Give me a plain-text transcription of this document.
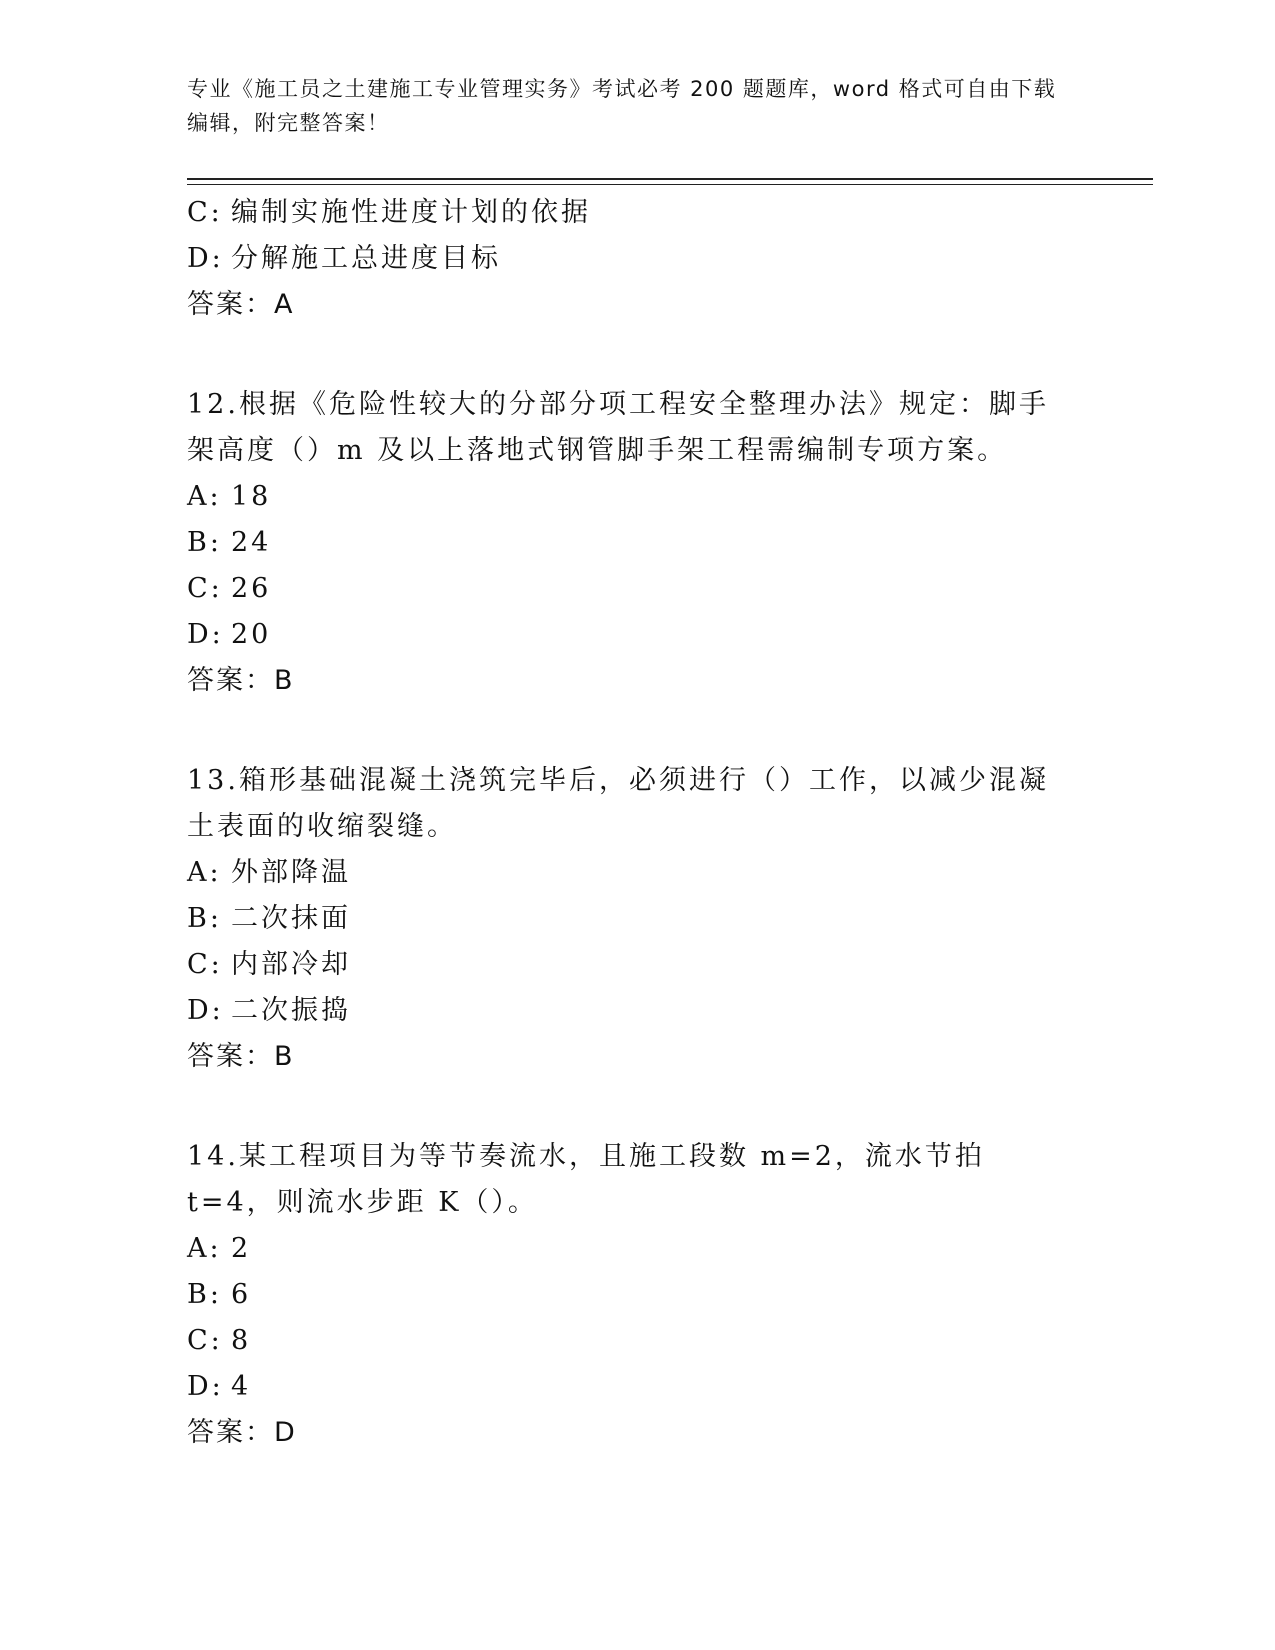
专业《施工员之土建施工专业管理实务》考试必考 200 题题库，word 格式可自由下载编辑，附完整答案！
C: 编制实施性进度计划的依据
D: 分解施工总进度目标
答案：A
12.根据《危险性较大的分部分项工程安全整理办法》规定：脚手架高度（）m 及以上落地式钢管脚手架工程需编制专项方案。
A: 18
B: 24
C: 26
D: 20
答案：B
13.箱形基础混凝土浇筑完毕后，必须进行（）工作，以减少混凝土表面的收缩裂缝。
A: 外部降温
B: 二次抹面
C: 内部冷却
D: 二次振捣
答案：B
14.某工程项目为等节奏流水，且施工段数 m=2，流水节拍 t=4，则流水步距 K（）。
A: 2
B: 6
C: 8
D: 4
答案：D
